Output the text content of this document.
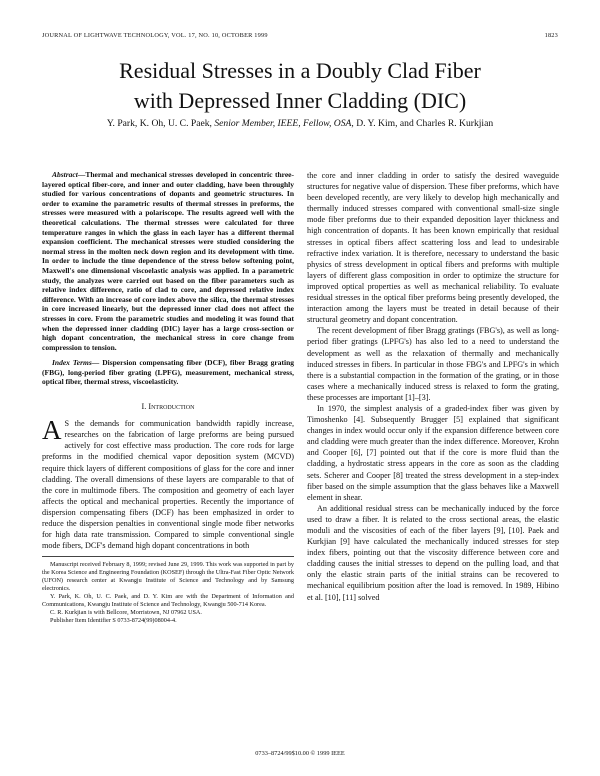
JOURNAL OF LIGHTWAVE TECHNOLOGY, VOL. 17, NO. 10, OCTOBER 1999	1823
Residual Stresses in a Doubly Clad Fiber
with Depressed Inner Cladding (DIC)
Y. Park, K. Oh, U. C. Paek, Senior Member, IEEE, Fellow, OSA, D. Y. Kim, and Charles R. Kurkjian

Abstract—Thermal and mechanical stresses developed in concentric three-layered optical fiber-core, and inner and outer cladding, have been throughly studied for various concentrations of dopants and geometric structures. In order to examine the parametric results of thermal stresses in preforms, the stresses were measured with a polariscope. The results agreed well with the theoretical calculations. The thermal stresses were calculated for three temperature ranges in which the glass in each layer has a different thermal expansion coefficient. The mechanical stresses were studied considering the normal stress in the molten neck down region and its development with time. In order to include the time dependence of the stress below softening point, Maxwell's one dimensional viscoelastic analysis was applied. In a parametric study, the analyzes were carried out based on the fiber parameters such as relative index difference, ratio of clad to core, and depressed relative index difference. With an increase of core index above the silica, the thermal stresses in core increased linearly, but the depressed inner clad does not affect the stresses in core. From the parametric studies and modeling it was found that when the depressed inner cladding (DIC) layer has a large cross-section or high dopant concentration, the mechanical stress in core change from compression to tension.

Index Terms— Dispersion compensating fiber (DCF), fiber Bragg grating (FBG), long-period fiber grating (LPFG), measurement, mechanical stress, optical fiber, thermal stress, viscoelasticity.

I. Introduction

A S the demands for communication bandwidth rapidly increase, researches on the fabrication of large preforms are being pursued actively for cost effective mass production. The core rods for large preforms in the modified chemical vapor deposition system (MCVD) require thick layers of different compositions of glass for the core and inner cladding. The overall dimensions of these layers are comparable to that of the core in multimode fibers. The composition and geometry of each layer affects the optical and mechanical properties. Recently the importance of dispersion compensating fibers (DCF) has been emphasized in order to reduce the dispersion penalties in conventional single mode fiber networks for high data rate transmission. Compared to simple conventional single mode fibers, DCF's demand high dopant concentrations in both

Manuscript received February 8, 1999; revised June 29, 1999. This work was supported in part by the Korea Science and Engineering Foundation (KOSEF) through the Ultra-Fast Fiber Optic Network (UFON) research center at Kwangju Institute of Science and Technology and by Samsung electronics.

Y. Park, K. Oh, U. C. Paek, and D. Y. Kim are with the Department of Information and Communications, Kwangju Institute of Science and Technology, Kwangju 500-714 Korea.

C. R. Kurkjian is with Bellcore, Morristown, NJ 07962 USA.

Publisher Item Identifier S 0733-8724(99)08004-4.

the core and inner cladding in order to satisfy the desired waveguide structures for negative value of dispersion. These fiber preforms, which have been developed recently, are very likely to develop high mechanically and thermally induced stresses compared with conventional small-size single mode fiber preforms due to their expanded deposition layer thickness and high concentration of dopants. It has been known empirically that residual stresses in optical fibers affect scattering loss and lead to undesirable refractive index variation. It is therefore, necessary to understand the basic physics of stress development in optical fibers and preforms with multiple layers of different glass composition in order to optimize the structure for improved optical properties as well as mechanical reliability. To evaluate residual stresses in the optical fiber preforms being presently developed, the interaction among the layers must be treated in detail because of their structural geometry and dopant concentration.

The recent development of fiber Bragg gratings (FBG's), as well as long-period fiber gratings (LPFG's) has also led to a need to understand the development as well as the relaxation of thermally and mechanically induced stresses in fibers. In particular in those FBG's and LPFG's in which there is a substantial compaction in the formation of the grating, or in those cases where a mechanically induced stress is relaxed to form the grating, these processes are important [1]–[3].

In 1970, the simplest analysis of a graded-index fiber was given by Timoshenko [4]. Subsequently Brugger [5] explained that significant changes in index would occur only if the expansion difference between core and cladding were much greater than the index difference. Moreover, Krohn and Cooper [6], [7] pointed out that if the core is more fluid than the cladding, a hydrostatic stress appears in the core as soon as the cladding sets. Scherer and Cooper [8] treated the stress development in a step-index fiber based on the simple assumption that the glass behaves like a Maxwell element in shear.

An additional residual stress can be mechanically induced by the force used to draw a fiber. It is related to the cross sectional areas, the elastic moduli and the viscosities of each of the fiber layers [9], [10]. Paek and Kurkjian [9] have calculated the mechanically induced stresses for step index fibers, pointing out that the viscosity difference between core and cladding causes the initial stresses to depend on the pulling load, and that only the elastic strain parts of the initial strains can be recovered to mechanical equilibrium position after the load is removed. In 1989, Hibino et al. [10], [11] solved

0733–8724/99$10.00 © 1999 IEEE
